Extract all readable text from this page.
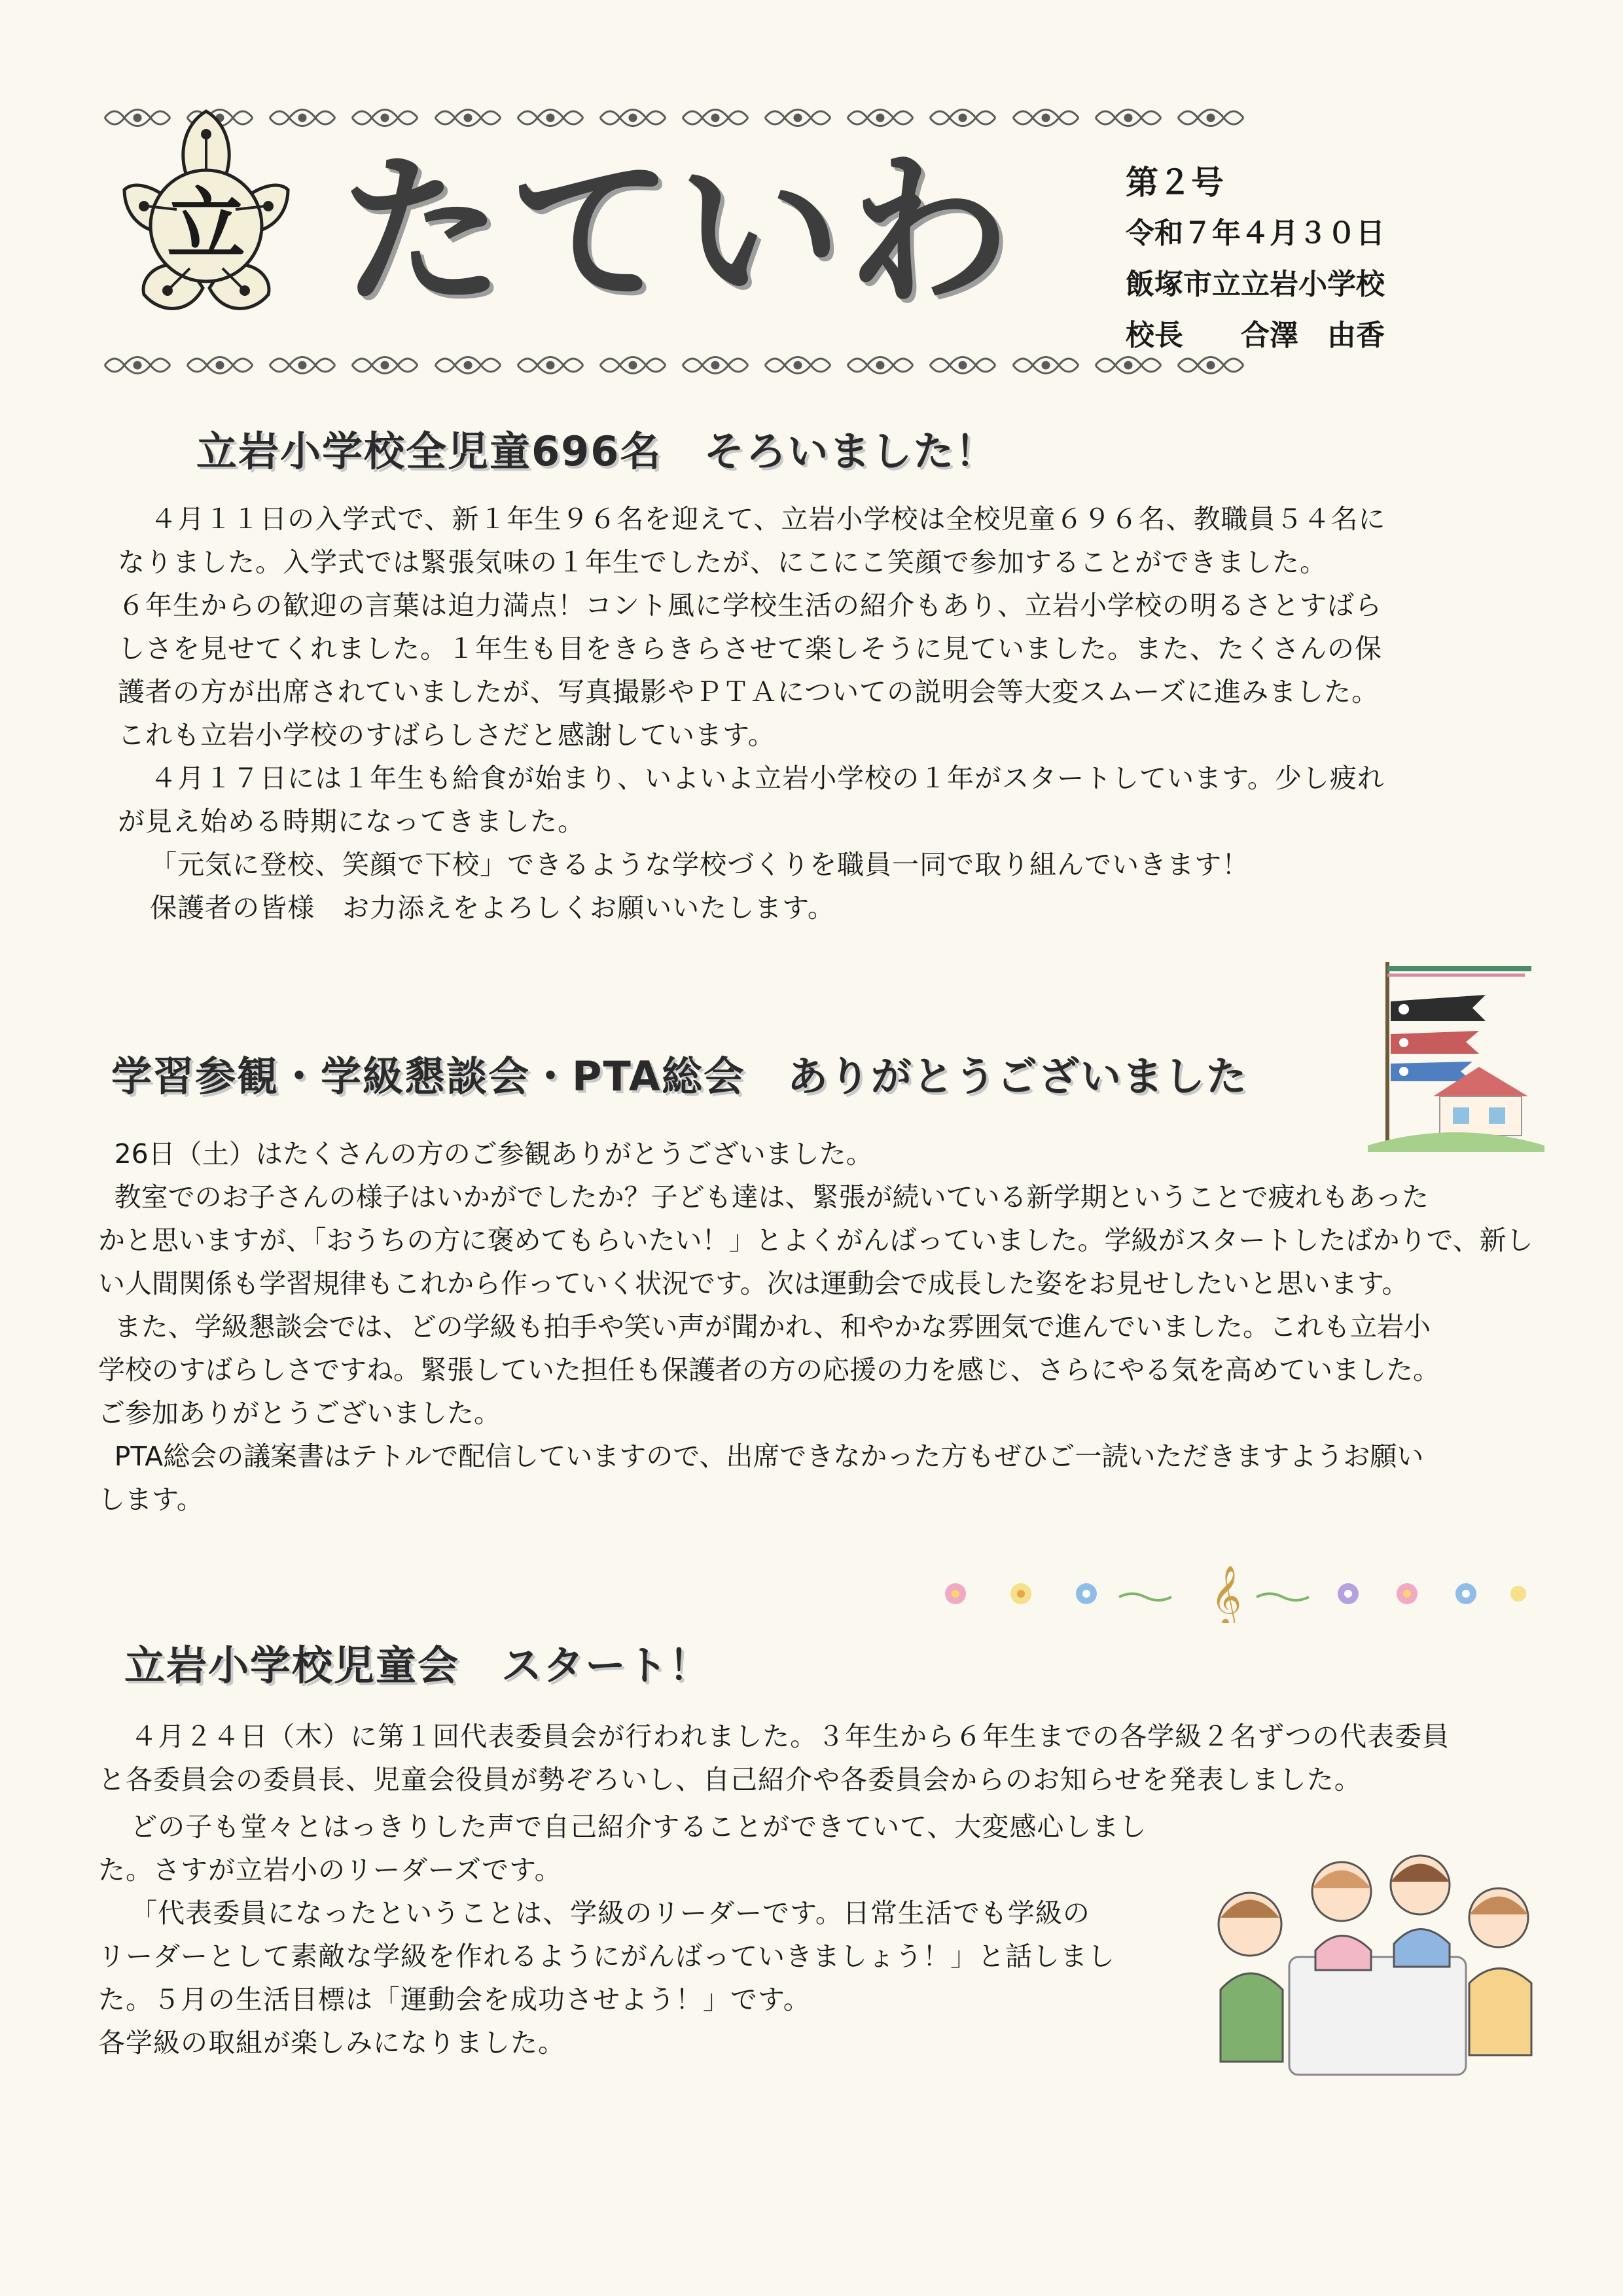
立 たていわ	第２号
令和７年４月３０日
飯塚市立立岩小学校
校長　　合澤　由香
立岩小学校全児童696名　そろいました！

４月１１日の入学式で、新１年生９６名を迎えて、立岩小学校は全校児童６９６名、教職員５４名に

なりました。入学式では緊張気味の１年生でしたが、にこにこ笑顔で参加することができました。

６年生からの歓迎の言葉は迫力満点！コント風に学校生活の紹介もあり、立岩小学校の明るさとすばら

しさを見せてくれました。１年生も目をきらきらさせて楽しそうに見ていました。また、たくさんの保

護者の方が出席されていましたが、写真撮影やＰＴＡについての説明会等大変スムーズに進みました。

これも立岩小学校のすばらしさだと感謝しています。

４月１７日には１年生も給食が始まり、いよいよ立岩小学校の１年がスタートしています。少し疲れ

が見え始める時期になってきました。

「元気に登校、笑顔で下校」できるような学校づくりを職員一同で取り組んでいきます！

保護者の皆様　お力添えをよろしくお願いいたします。

学習参観・学級懇談会・PTA総会　ありがとうございました

26日（土）はたくさんの方のご参観ありがとうございました。

教室でのお子さんの様子はいかがでしたか？子ども達は、緊張が続いている新学期ということで疲れもあった

かと思いますが、「おうちの方に褒めてもらいたい！」とよくがんばっていました。学級がスタートしたばかりで、新し

い人間関係も学習規律もこれから作っていく状況です。次は運動会で成長した姿をお見せしたいと思います。

また、学級懇談会では、どの学級も拍手や笑い声が聞かれ、和やかな雰囲気で進んでいました。これも立岩小

学校のすばらしさですね。緊張していた担任も保護者の方の応援の力を感じ、さらにやる気を高めていました。

ご参加ありがとうございました。

PTA総会の議案書はテトルで配信していますので、出席できなかった方もぜひご一読いただきますようお願い

します。

𝄞
立岩小学校児童会　スタート！

４月２４日（木）に第１回代表委員会が行われました。３年生から６年生までの各学級２名ずつの代表委員

と各委員会の委員長、児童会役員が勢ぞろいし、自己紹介や各委員会からのお知らせを発表しました。

どの子も堂々とはっきりした声で自己紹介することができていて、大変感心しまし

た。さすが立岩小のリーダーズです。

「代表委員になったということは、学級のリーダーです。日常生活でも学級の

リーダーとして素敵な学級を作れるようにがんばっていきましょう！」と話しまし

た。５月の生活目標は「運動会を成功させよう！」です。

各学級の取組が楽しみになりました。
